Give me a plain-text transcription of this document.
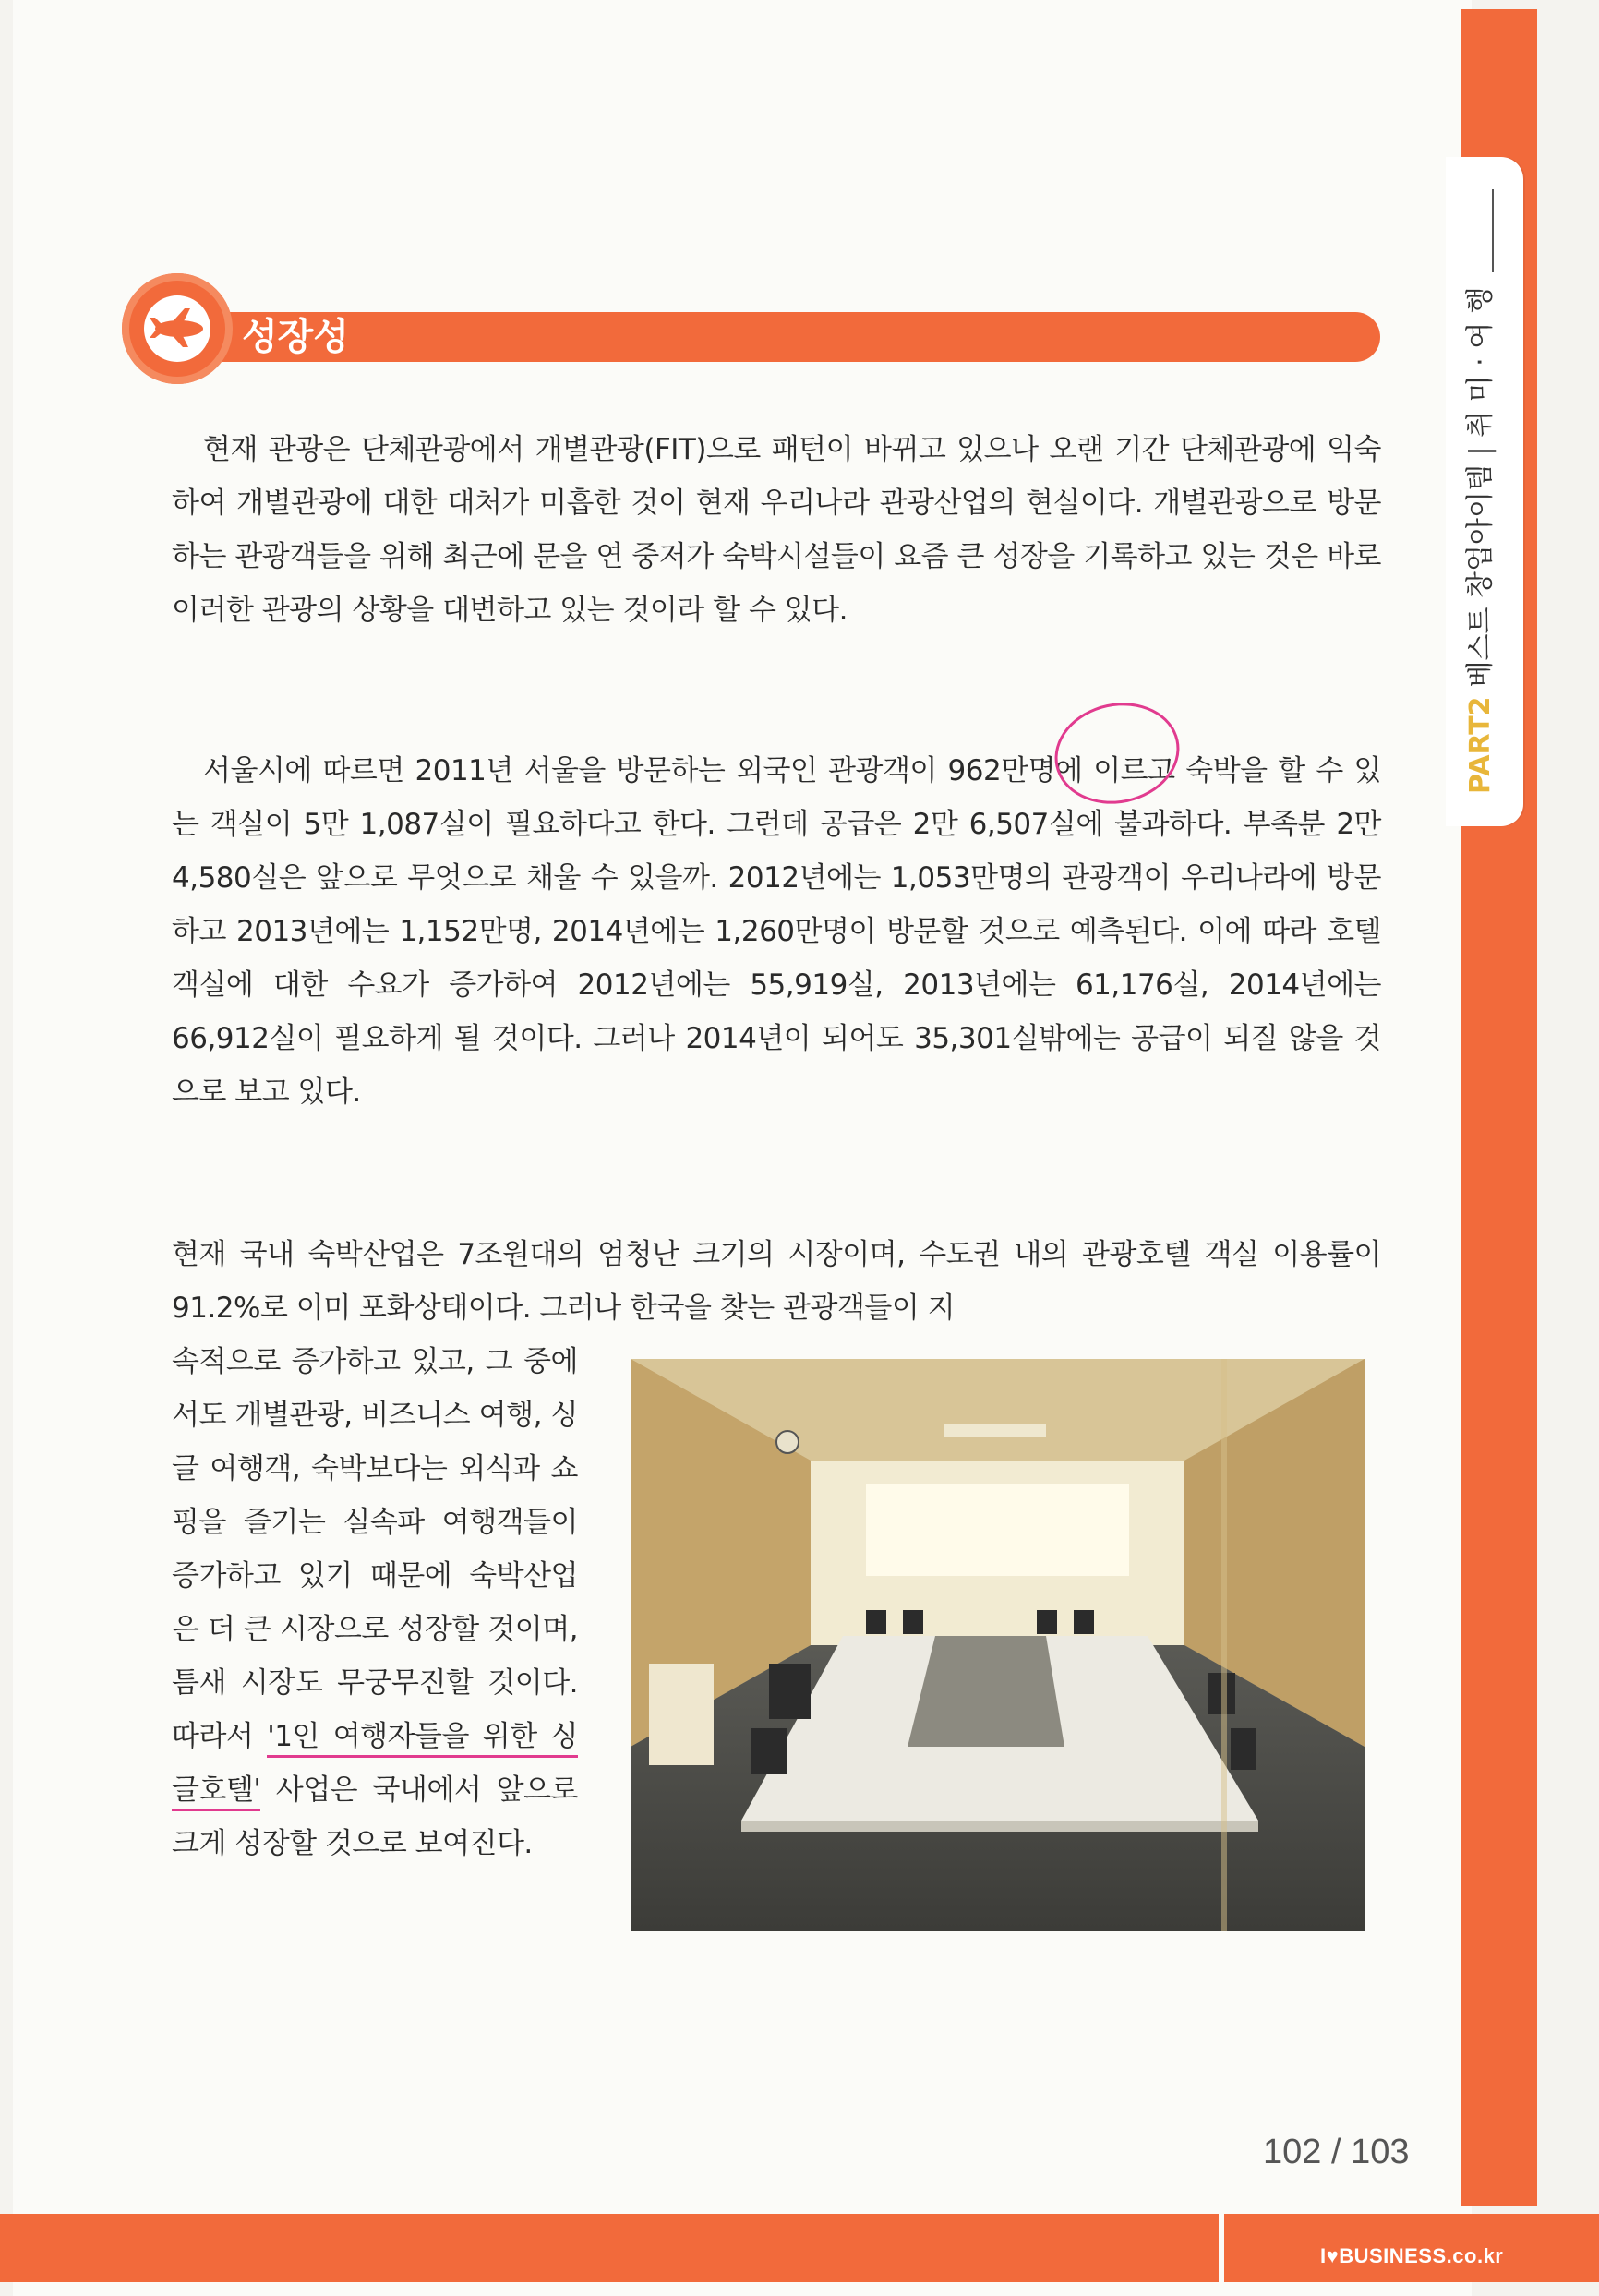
PART2베스트 창업아이템 | 취 미 · 여 행
성장성

현재 관광은 단체관광에서 개별관광(FIT)으로 패턴이 바뀌고 있으나 오랜 기간 단체관광에 익숙하여 개별관광에 대한 대처가 미흡한 것이 현재 우리나라 관광산업의 현실이다. 개별관광으로 방문하는 관광객들을 위해 최근에 문을 연 중저가 숙박시설들이 요즘 큰 성장을 기록하고 있는 것은 바로 이러한 관광의 상황을 대변하고 있는 것이라 할 수 있다.

서울시에 따르면 2011년 서울을 방문하는 외국인 관광객이 962만명에 이르고 숙박을 할 수 있는 객실이 5만 1,087실이 필요하다고 한다. 그런데 공급은 2만 6,507실에 불과하다. 부족분 2만 4,580실은 앞으로 무엇으로 채울 수 있을까. 2012년에는 1,053만명의 관광객이 우리나라에 방문하고 2013년에는 1,152만명, 2014년에는 1,260만명이 방문할 것으로 예측된다. 이에 따라 호텔 객실에 대한 수요가 증가하여 2012년에는 55,919실, 2013년에는 61,176실, 2014년에는 66,912실이 필요하게 될 것이다. 그러나 2014년이 되어도 35,301실밖에는 공급이 되질 않을 것으로 보고 있다.

현재 국내 숙박산업은 7조원대의 엄청난 크기의 시장이며, 수도권 내의 관광호텔 객실 이용률이 91.2%로 이미 포화상태이다. 그러나 한국을 찾는 관광객들이 지

속적으로 증가하고 있고, 그 중에서도 개별관광, 비즈니스 여행, 싱글 여행객, 숙박보다는 외식과 쇼핑을 즐기는 실속파 여행객들이 증가하고 있기 때문에 숙박산업은 더 큰 시장으로 성장할 것이며, 틈새 시장도 무궁무진할 것이다. 따라서 '1인 여행자들을 위한 싱글호텔' 사업은 국내에서 앞으로 크게 성장할 것으로 보여진다.

102 / 103
I♥BUSINESS.co.kr
